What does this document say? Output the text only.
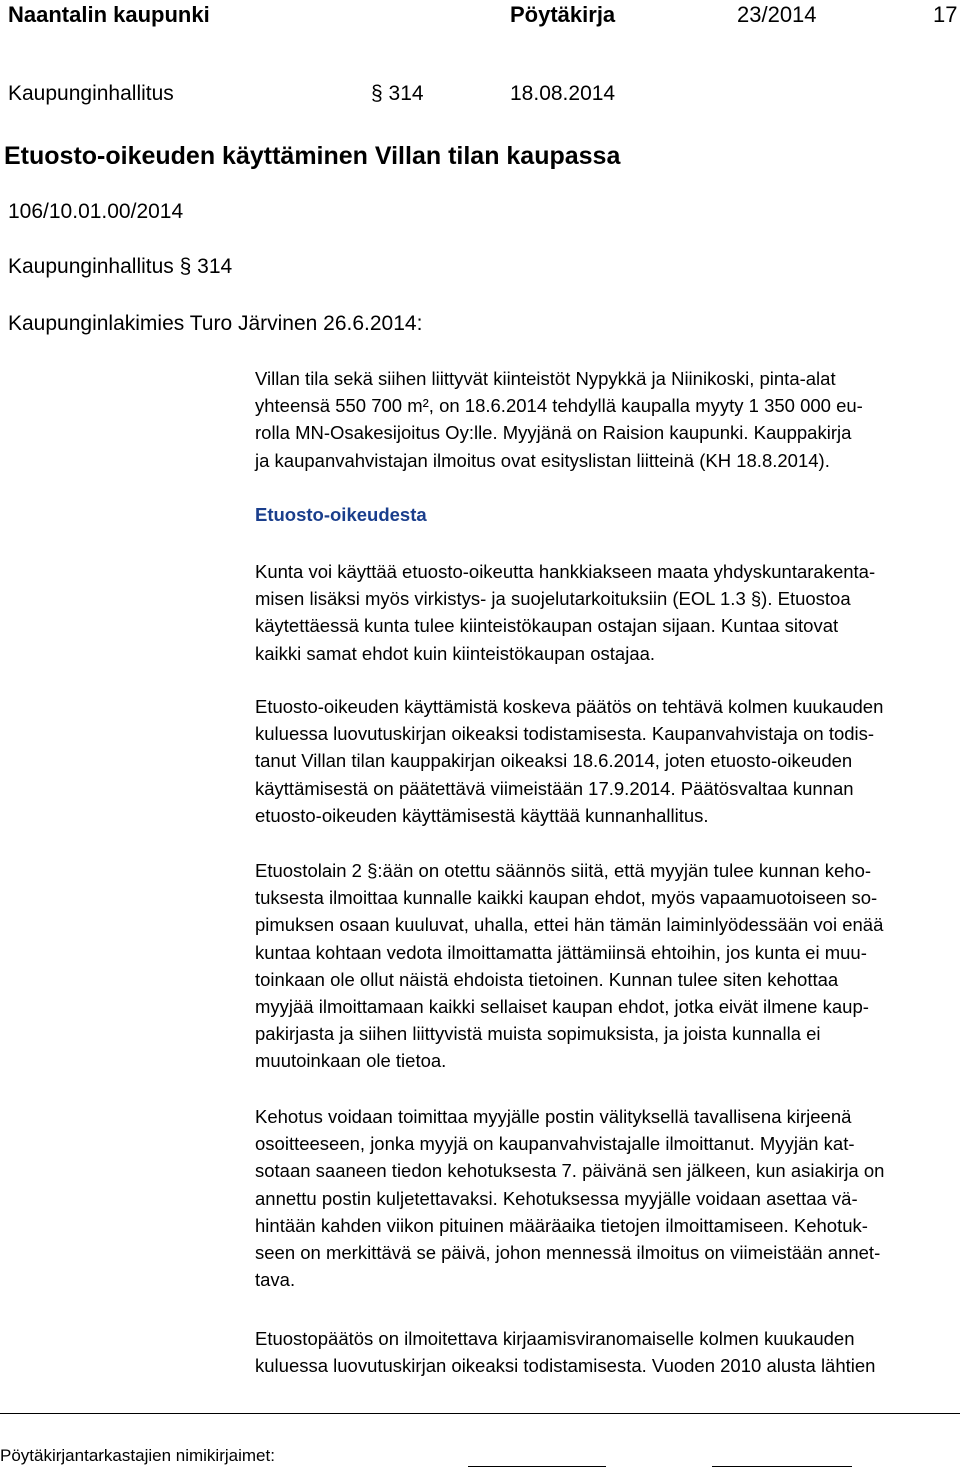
Naantalin kaupunki	Pöytäkirja	23/2014	17
Kaupunginhallitus	§ 314	18.08.2014
Etuosto-oikeuden käyttäminen Villan tilan kaupassa
106/10.01.00/2014
Kaupunginhallitus § 314
Kaupunginlakimies Turo Järvinen 26.6.2014:
Villan tila sekä siihen liittyvät kiinteistöt Nypykkä ja Niinikoski, pinta-alat
yhteensä 550 700 m², on 18.6.2014 tehdyllä kaupalla myyty 1 350 000 eu-
rolla MN-Osakesijoitus Oy:lle. Myyjänä on Raision kaupunki. Kauppakirja
ja kaupanvahvistajan ilmoitus ovat esityslistan liitteinä (KH 18.8.2014).
Etuosto-oikeudesta
Kunta voi käyttää etuosto-oikeutta hankkiakseen maata yhdyskuntarakenta-
misen lisäksi myös virkistys- ja suojelutarkoituksiin (EOL 1.3 §). Etuostoa
käytettäessä kunta tulee kiinteistökaupan ostajan sijaan. Kuntaa sitovat
kaikki samat ehdot kuin kiinteistökaupan ostajaa.
Etuosto-oikeuden käyttämistä koskeva päätös on tehtävä kolmen kuukauden
kuluessa luovutuskirjan oikeaksi todistamisesta. Kaupanvahvistaja on todis-
tanut Villan tilan kauppakirjan oikeaksi 18.6.2014, joten etuosto-oikeuden
käyttämisestä on päätettävä viimeistään 17.9.2014. Päätösvaltaa kunnan
etuosto-oikeuden käyttämisestä käyttää kunnanhallitus.
Etuostolain 2 §:ään on otettu säännös siitä, että myyjän tulee kunnan keho-
tuksesta ilmoittaa kunnalle kaikki kaupan ehdot, myös vapaamuotoiseen so-
pimuksen osaan kuuluvat, uhalla, ettei hän tämän laiminlyödessään voi enää
kuntaa kohtaan vedota ilmoittamatta jättämiinsä ehtoihin, jos kunta ei muu-
toinkaan ole ollut näistä ehdoista tietoinen. Kunnan tulee siten kehottaa
myyjää ilmoittamaan kaikki sellaiset kaupan ehdot, jotka eivät ilmene kaup-
pakirjasta ja siihen liittyvistä muista sopimuksista, ja joista kunnalla ei
muutoinkaan ole tietoa.
Kehotus voidaan toimittaa myyjälle postin välityksellä tavallisena kirjeenä
osoitteeseen, jonka myyjä on kaupanvahvistajalle ilmoittanut. Myyjän kat-
sotaan saaneen tiedon kehotuksesta 7. päivänä sen jälkeen, kun asiakirja on
annettu postin kuljetettavaksi. Kehotuksessa myyjälle voidaan asettaa vä-
hintään kahden viikon pituinen määräaika tietojen ilmoittamiseen. Kehotuk-
seen on merkittävä se päivä, johon mennessä ilmoitus on viimeistään annet-
tava.
Etuostopäätös on ilmoitettava kirjaamisviranomaiselle kolmen kuukauden
kuluessa luovutuskirjan oikeaksi todistamisesta. Vuoden 2010 alusta lähtien
Pöytäkirjantarkastajien nimikirjaimet:
